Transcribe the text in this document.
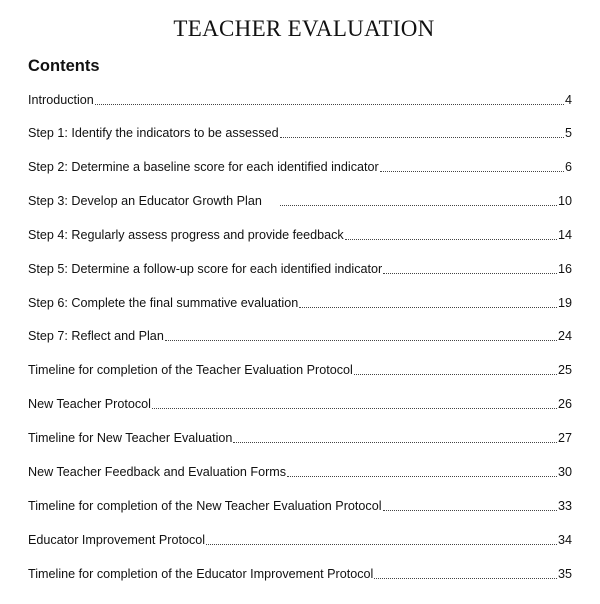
TEACHER EVALUATION
Contents
Introduction	4
Step 1: Identify the indicators to be assessed	5
Step 2: Determine a baseline score for each identified indicator	6
Step 3: Develop an Educator Growth Plan	10
Step 4: Regularly assess progress and provide feedback	14
Step 5: Determine a follow-up score for each identified indicator	16
Step 6: Complete the final summative evaluation	19
Step 7: Reflect and Plan	24
Timeline for completion of the Teacher Evaluation Protocol	25
New Teacher Protocol	26
Timeline for New Teacher Evaluation	27
New Teacher Feedback and Evaluation Forms	30
Timeline for completion of the New Teacher Evaluation Protocol	33
Educator Improvement Protocol	34
Timeline for completion of the Educator Improvement Protocol	35
